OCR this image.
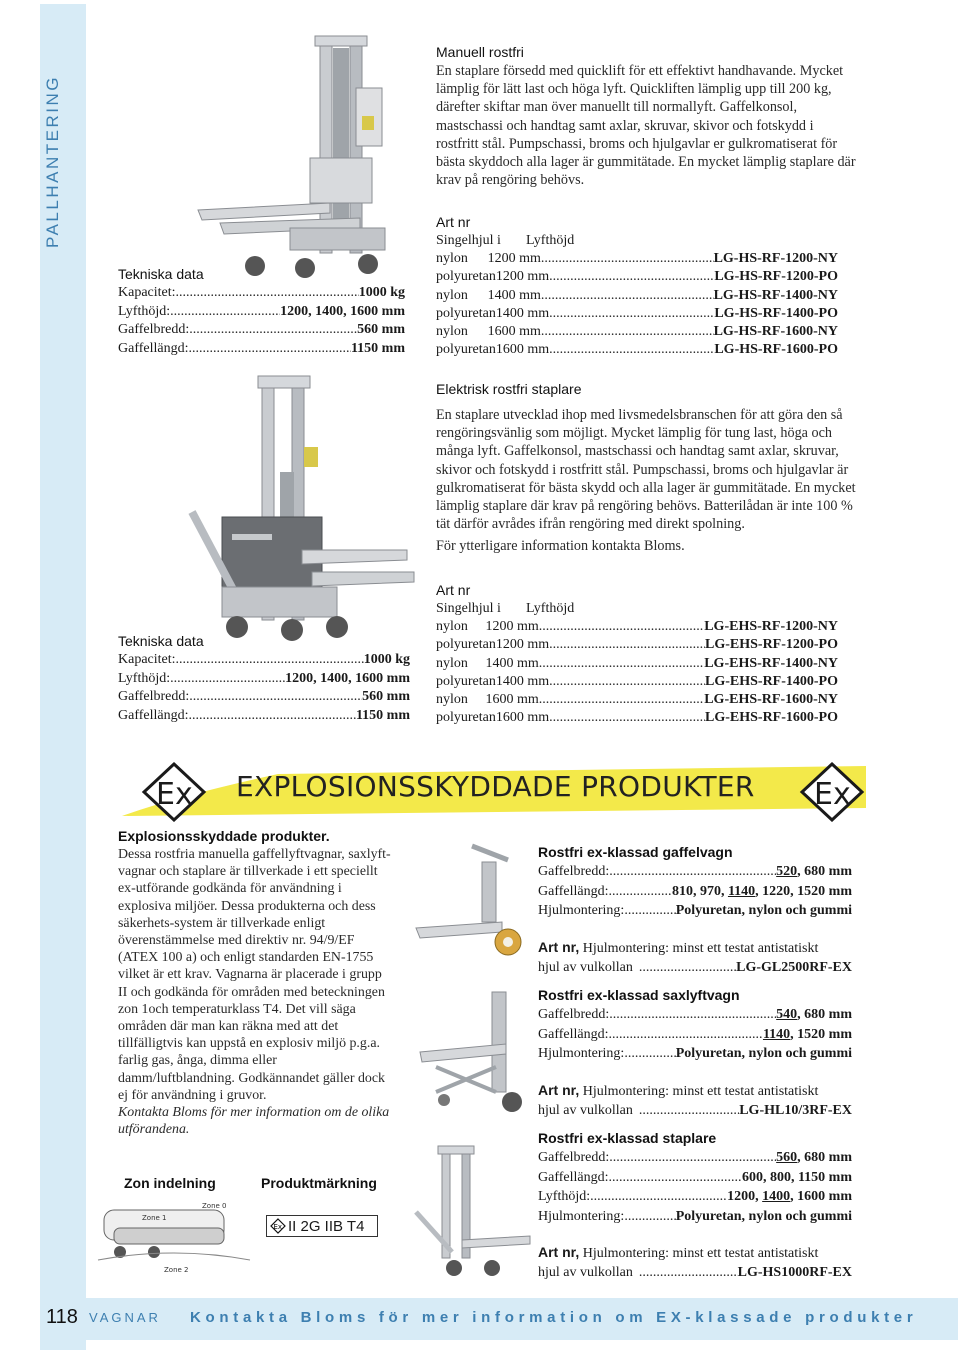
Manuell rostfri
En staplare försedd med quicklift för ett effektivt handhavande. Mycket lämplig för lätt last och höga lyft. Quickliften lämplig upp till 200 kg, därefter skiftar man över manuellt till normallyft. Gaffelkonsol, mastschassi och handtag samt axlar, skruvar, skivor och fotskydd i rostfritt stål. Pumpschassi, broms och hjulgavlar er gulkromatiserat för bästa skyddoch alla lager är gummitätade. En mycket lämplig staplare där krav på rengöring behövs.
Art nr
Singelhjul i	Lyfthöjd
nylon	1200 mm .....	LG-HS-RF-1200-NY
polyuretan 1200 mm .....	LG-HS-RF-1200-PO
nylon	1400 mm .....	LG-HS-RF-1400-NY
polyuretan 1400 mm .....	LG-HS-RF-1400-PO
nylon	1600 mm .....	LG-HS-RF-1600-NY
polyuretan 1600 mm .....	LG-HS-RF-1600-PO
Tekniska data
Kapacitet: .....	1000 kg
Lyfthöjd: .....	1200, 1400, 1600 mm
Gaffelbredd: .....	560 mm
Gaffellängd: .....	1150 mm
Elektrisk rostfri staplare
En staplare utvecklad ihop med livsmedelsbranschen för att göra den så rengöringsvänlig som möjligt. Mycket lämplig för tung last, höga och många lyft. Gaffelkonsol, mastschassi och handtag samt axlar, skruvar, skivor och fotskydd i rostfritt stål. Pumpschassi, broms och hjulgavlar är gulkromatiserat för bästa skydd och alla lager är gummitätade. En mycket lämplig staplare där krav på rengöring behövs. Batterilådan är inte 100 % tät därför avrådes ifrån rengöring med direkt spolning.
För ytterligare information kontakta Bloms.
Art nr
Singelhjul i	Lyfthöjd
nylon	1200 mm .....	LG-EHS-RF-1200-NY
polyuretan 1200 mm .....	LG-EHS-RF-1200-PO
nylon	1400 mm .....	LG-EHS-RF-1400-NY
polyuretan 1400 mm .....	LG-EHS-RF-1400-PO
nylon	1600 mm .....	LG-EHS-RF-1600-NY
polyuretan 1600 mm .....	LG-EHS-RF-1600-PO
Tekniska data
Kapacitet: .....	1000 kg
Lyfthöjd: .....	1200, 1400, 1600 mm
Gaffelbredd: .....	560 mm
Gaffellängd: .....	1150 mm
Ex	Ex
EXPLOSIONSSKYDDADE PRODUKTER
Explosionsskyddade produkter.
Dessa rostfria manuella gaffellyftvagnar, saxlyft-vagnar och staplare är tillverkade i ett speciellt ex-utförande godkända för användning i explosiva miljöer. Dessa produkterna och dess säkerhets-system är tillverkade enligt överenstämmelse med direktiv nr. 94/9/EF (ATEX 100 a) och enligt standarden EN-1755 vilket är ett krav. Vagnarna är placerade i grupp II och godkända för områden med beteckningen zon 1och temperaturklass T4. Det vill säga områden där man kan räkna med att det tillfälligtvis kan uppstå en explosiv miljö p.g.a. farlig gas, ånga, dimma eller damm/luftblandning. Godkännandet gäller dock ej för användning i gruvor.
Kontakta Bloms för mer information om de olika utförandena.
Zon indelning	Produktmärkning
Zone 1
Zone 0
Zone 2
Ex II 2G IIB T4
Rostfri ex-klassad gaffelvagn
Gaffelbredd: .....	520, 680 mm
Gaffellängd: .....	810, 970, 1140, 1220, 1520 mm
Hjulmontering: .....	Polyuretan, nylon och gummi
Art nr, Hjulmontering: minst ett testat antistatiskt
hjul av vulkollan .....	LG-GL2500RF-EX
Rostfri ex-klassad saxlyftvagn
Gaffelbredd: .....	540, 680 mm
Gaffellängd: .....	1140, 1520 mm
Hjulmontering: .....	Polyuretan, nylon och gummi
Art nr, Hjulmontering: minst ett testat antistatiskt
hjul av vulkollan .....	LG-HL10/3RF-EX
Rostfri ex-klassad staplare
Gaffelbredd: .....	560, 680 mm
Gaffellängd: .....	600, 800, 1150 mm
Lyfthöjd: .....	1200, 1400, 1600 mm
Hjulmontering: .....	Polyuretan, nylon och gummi
Art nr, Hjulmontering: minst ett testat antistatiskt
hjul av vulkollan .....	LG-HS1000RF-EX
118 VAGNAR Kontakta Bloms för mer information om EX-klassade produkter
